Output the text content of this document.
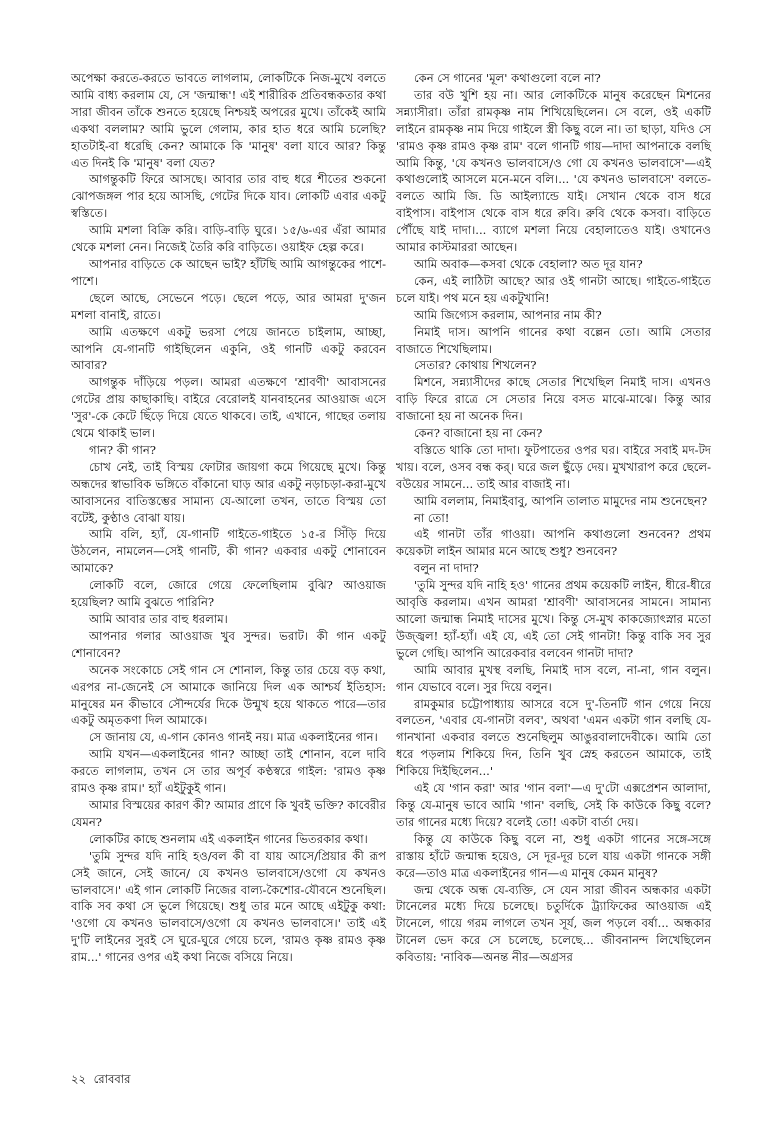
অপেক্ষা করতে-করতে ভাবতে লাগলাম, লোকটিকে নিজ-মুখে বলতে আমি বাধ্য করলাম যে, সে 'জন্মান্ধ'! এই শারীরিক প্রতিবন্ধকতার কথা সারা জীবন তাঁকে শুনতে হয়েছে নিশ্চয়ই অপরের মুখে। তাঁকেই আমি একথা বললাম? আমি ভুলে গেলাম, কার হাত ধরে আমি চলেছি? হাতটাই-বা ধরেছি কেন? আমাকে কি 'মানুষ' বলা যাবে আর? কিন্তু এত দিনই কি 'মানুষ' বলা যেত?

আগন্তুকটি ফিরে আসছে। আবার তার বাহু ধরে শীতের শুকনো ঝোপজঙ্গল পার হয়ে আসছি, গেটের দিকে যাব। লোকটি এবার একটু স্বস্তিতে।

আমি মশলা বিক্রি করি। বাড়ি-বাড়ি ঘুরে। ১৫/৬-এর এঁরা আমার থেকে মশলা নেন। নিজেই তৈরি করি বাড়িতে। ওয়াইফ হেল্প করে।

আপনার বাড়িতে কে আছেন ভাই? হাঁটছি আমি আগন্তুকের পাশে-পাশে।

ছেলে আছে, সেভেনে পড়ে। ছেলে পড়ে, আর আমরা দু'জন মশলা বানাই, রাতে।

আমি এতক্ষণে একটু ভরসা পেয়ে জানতে চাইলাম, আচ্ছা, আপনি যে-গানটি গাইছিলেন একুনি, ওই গানটি একটু করবেন আবার?

আগন্তুক দাঁড়িয়ে পড়ল। আমরা এতক্ষণে 'শ্রাবণী' আবাসনের গেটের প্রায় কাছাকাছি। বাইরে বেরোলই যানবাহনের আওয়াজ এসে 'সুর'-কে কেটে ছিঁড়ে দিয়ে যেতে থাকবে। তাই, এখানে, গাছের তলায় থেমে থাকাই ভাল।

গান? কী গান?

চোখ নেই, তাই বিস্ময় ফোটার জায়গা কমে গিয়েছে মুখে। কিন্তু অন্ধদের স্বাভাবিক ভঙ্গিতে বাঁকানো ঘাড় আর একটু নড়াচড়া-করা-মুখে আবাসনের বাতিস্তম্ভের সামান্য যে-আলো তখন, তাতে বিস্ময় তো বটেই, কুণ্ঠাও বোঝা যায়।

আমি বলি, হ্যাঁ, যে-গানটি গাইতে-গাইতে ১৫-র সিঁড়ি দিয়ে উঠলেন, নামলেন—সেই গানটি, কী গান? একবার একটু শোনাবেন আমাকে?

লোকটি বলে, জোরে গেয়ে ফেলেছিলাম বুঝি? আওয়াজ হয়েছিল? আমি বুঝতে পারিনি?

আমি আবার তার বাহু ধরলাম।

আপনার গলার আওয়াজ খুব সুন্দর। ভরাট। কী গান একটু শোনাবেন?

অনেক সংকোচে সেই গান সে শোনাল, কিন্তু তার চেয়ে বড় কথা, এরপর না-জেনেই সে আমাকে জানিয়ে দিল এক আশ্চর্য ইতিহাস: মানুষের মন কীভাবে সৌন্দর্যের দিকে উন্মুখ হয়ে থাকতে পারে—তার একটু অমৃতকণা দিল আমাকে।

সে জানায় যে, এ-গান কোনও গানই নয়। মাত্র একলাইনের গান।

আমি যখন—একলাইনের গান? আচ্ছা তাই শোনান, বলে দাবি করতে লাগলাম, তখন সে তার অপূর্ব কণ্ঠস্বরে গাইল: 'রামও কৃষ্ণ রামও কৃষ্ণ রাম।' হ্যাঁ এইটুকুই গান।

আমার বিস্ময়ের কারণ কী? আমার প্রাণে কি খুবই ভক্তি? কাবেরীর যেমন?

লোকটির কাছে শুনলাম এই একলাইন গানের ভিতরকার কথা।

'তুমি সুন্দর যদি নাহি হও/বল কী বা যায় আসে/প্রিয়ার কী রূপ সেই জানে, সেই জানে/ যে কখনও ভালবাসে/ওগো যে কখনও ভালবাসে।' এই গান লোকটি নিজের বাল্য-কৈশোর-যৌবনে শুনেছিল। বাকি সব কথা সে ভুলে গিয়েছে। শুধু তার মনে আছে এইটুকু কথা: 'ওগো যে কখনও ভালবাসে/ওগো যে কখনও ভালবাসে।' তাই এই দু'টি লাইনের সুরই সে ঘুরে-ঘুরে গেয়ে চলে, 'রামও কৃষ্ণ রামও কৃষ্ণ রাম...' গানের ওপর এই কথা নিজে বসিয়ে নিয়ে।

কেন সে গানের 'মূল' কথাগুলো বলে না?

তার বউ খুশি হয় না। আর লোকটিকে মানুষ করেছেন মিশনের সন্ন্যাসীরা। তাঁরা রামকৃষ্ণ নাম শিখিয়েছিলেন। সে বলে, ওই একটি লাইনে রামকৃষ্ণ নাম দিয়ে গাইলে স্ত্রী কিছু বলে না। তা ছাড়া, যদিও সে 'রামও কৃষ্ণ রামও কৃষ্ণ রাম' বলে গানটি গায়—দাদা আপনাকে বলছি আমি কিন্তু, 'যে কখনও ভালবাসে/ও গো যে কখনও ভালবাসে'—এই কথাগুলোই আসলে মনে-মনে বলি।... 'যে কখনও ভালবাসে' বলতে-বলতে আমি জি. ডি আইল্যান্ডে যাই। সেখান থেকে বাস ধরে বাইপাস। বাইপাস থেকে বাস ধরে রুবি। রুবি থেকে কসবা। বাড়িতে পৌঁছে যাই দাদা।... ব্যাগে মশলা নিয়ে বেহালাতেও যাই। ওখানেও আমার কাস্টমাররা আছেন।

আমি অবাক—কসবা থেকে বেহালা? অত দূর যান?

কেন, এই লাঠিটা আছে? আর ওই গানটা আছে। গাইতে-গাইতে চলে যাই। পথ মনে হয় একটুখানি!

আমি জিগ্যেস করলাম, আপনার নাম কী?

নিমাই দাস। আপনি গানের কথা বল্লেন তো। আমি সেতার বাজাতে শিখেছিলাম।

সেতার? কোথায় শিখলেন?

মিশনে, সন্ন্যাসীদের কাছে সেতার শিখেছিল নিমাই দাস। এখনও বাড়ি ফিরে রাত্রে সে সেতার নিয়ে বসত মাঝে-মাঝে। কিন্তু আর বাজানো হয় না অনেক দিন।

কেন? বাজানো হয় না কেন?

বস্তিতে থাকি তো দাদা। ফুটপাতের ওপর ঘর। বাইরে সবাই মদ-টদ খায়। বলে, ওসব বন্ধ কর্। ঘরে জল ছুঁড়ে দেয়। মুখখারাপ করে ছেলে-বউয়ের সামনে... তাই আর বাজাই না।

আমি বললাম, নিমাইবাবু, আপনি তালাত মামুদের নাম শুনেছেন?

না তো!

এই গানটা তাঁর গাওয়া। আপনি কথাগুলো শুনবেন? প্রথম কয়েকটা লাইন আমার মনে আছে শুধু? শুনবেন?

বলুন না দাদা?

'তুমি সুন্দর যদি নাহি হও' গানের প্রথম কয়েকটি লাইন, ধীরে-ধীরে আবৃত্তি করলাম। এখন আমরা 'শ্রাবণী' আবাসনের সামনে। সামান্য আলো জন্মান্ধ নিমাই দাসের মুখে। কিন্তু সে-মুখ কাকজ্যোৎস্নার মতো উজ্জ্বল! হ্যাঁ-হ্যাঁ। এই যে, এই তো সেই গানটা! কিন্তু বাকি সব সুর ভুলে গেছি। আপনি আরেকবার বলবেন গানটা দাদা?

আমি আবার মুখস্থ বলছি, নিমাই দাস বলে, না-না, গান বলুন। গান যেভাবে বলে। সুর দিয়ে বলুন।

রামকুমার চট্টোপাধ্যায় আসরে বসে দু'-তিনটি গান গেয়ে নিয়ে বলতেন, 'এবার যে-গানটা বলব', অথবা 'এমন একটা গান বলছি যে-গানখানা একবার বলতে শুনেছিলুম আঙুরবালাদেবীকে। আমি তো ধরে পড়লাম শিকিয়ে দিন, তিনি খুব স্নেহ করতেন আমাকে, তাই শিকিয়ে দিইছিলেন...'

এই যে 'গান করা' আর 'গান বলা'—এ দু'টো এক্সপ্রেশন আলাদা, কিন্তু যে-মানুষ ভাবে আমি 'গান' বলছি, সেই কি কাউকে কিছু বলে? তার গানের মধ্যে দিয়ে? বলেই তো! একটা বার্তা দেয়।

কিন্তু যে কাউকে কিছু বলে না, শুধু একটা গানের সঙ্গে-সঙ্গে রাস্তায় হাঁটে জন্মান্ধ হয়েও, সে দূর-দূর চলে যায় একটা গানকে সঙ্গী করে—তাও মাত্র একলাইনের গান—এ মানুষ কেমন মানুষ?

জন্ম থেকে অন্ধ যে-ব্যক্তি, সে যেন সারা জীবন অন্ধকার একটা টানেলের মধ্যে দিয়ে চলেছে। চতুর্দিকে ট্র্যাফিকের আওয়াজ এই টানেলে, গায়ে গরম লাগলে তখন সূর্য, জল পড়লে বর্ষা... অন্ধকার টানেল ভেদ করে সে চলেছে, চলেছে... জীবনানন্দ লিখেছিলেন কবিতায়: 'নাবিক—অনন্ত নীর—অগ্রসর

২২ রোববার
